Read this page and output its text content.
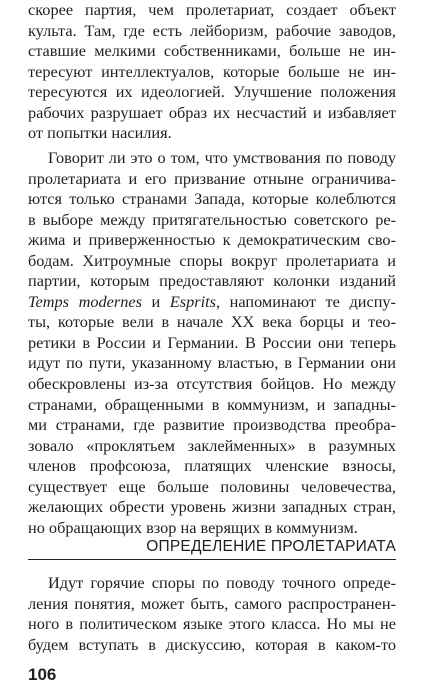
скорее партия, чем пролетариат, создает объект
культа. Там, где есть лейборизм, рабочие заводов,
ставшие мелкими собственниками, больше не ин-
тересуют интеллектуалов, которые больше не ин-
тересуются их идеологией. Улучшение положения
рабочих разрушает образ их несчастий и избавляет
от попытки насилия.
Говорит ли это о том, что умствования по поводу
пролетариата и его призвание отныне ограничива-
ются только странами Запада, которые колеблются
в выборе между притягательностью советского ре-
жима и приверженностью к демократическим сво-
бодам. Хитроумные споры вокруг пролетариата и
партии, которым предоставляют колонки изданий
Temps modernes и Esprits, напоминают те диспу-
ты, которые вели в начале XX века борцы и тео-
ретики в России и Германии. В России они теперь
идут по пути, указанному властью, в Германии они
обескровлены из-за отсутствия бойцов. Но между
странами, обращенными в коммунизм, и западны-
ми странами, где развитие производства преобра-
зовало «проклятьем заклейменных» в разумных
членов профсоюза, платящих членские взносы,
существует еще больше половины человечества,
желающих обрести уровень жизни западных стран,
но обращающих взор на верящих в коммунизм.
ОПРЕДЕЛЕНИЕ ПРОЛЕТАРИАТА
Идут горячие споры по поводу точного опреде-
ления понятия, может быть, самого распространен-
ного в политическом языке этого класса. Но мы не
будем вступать в дискуссию, которая в каком-то
106
